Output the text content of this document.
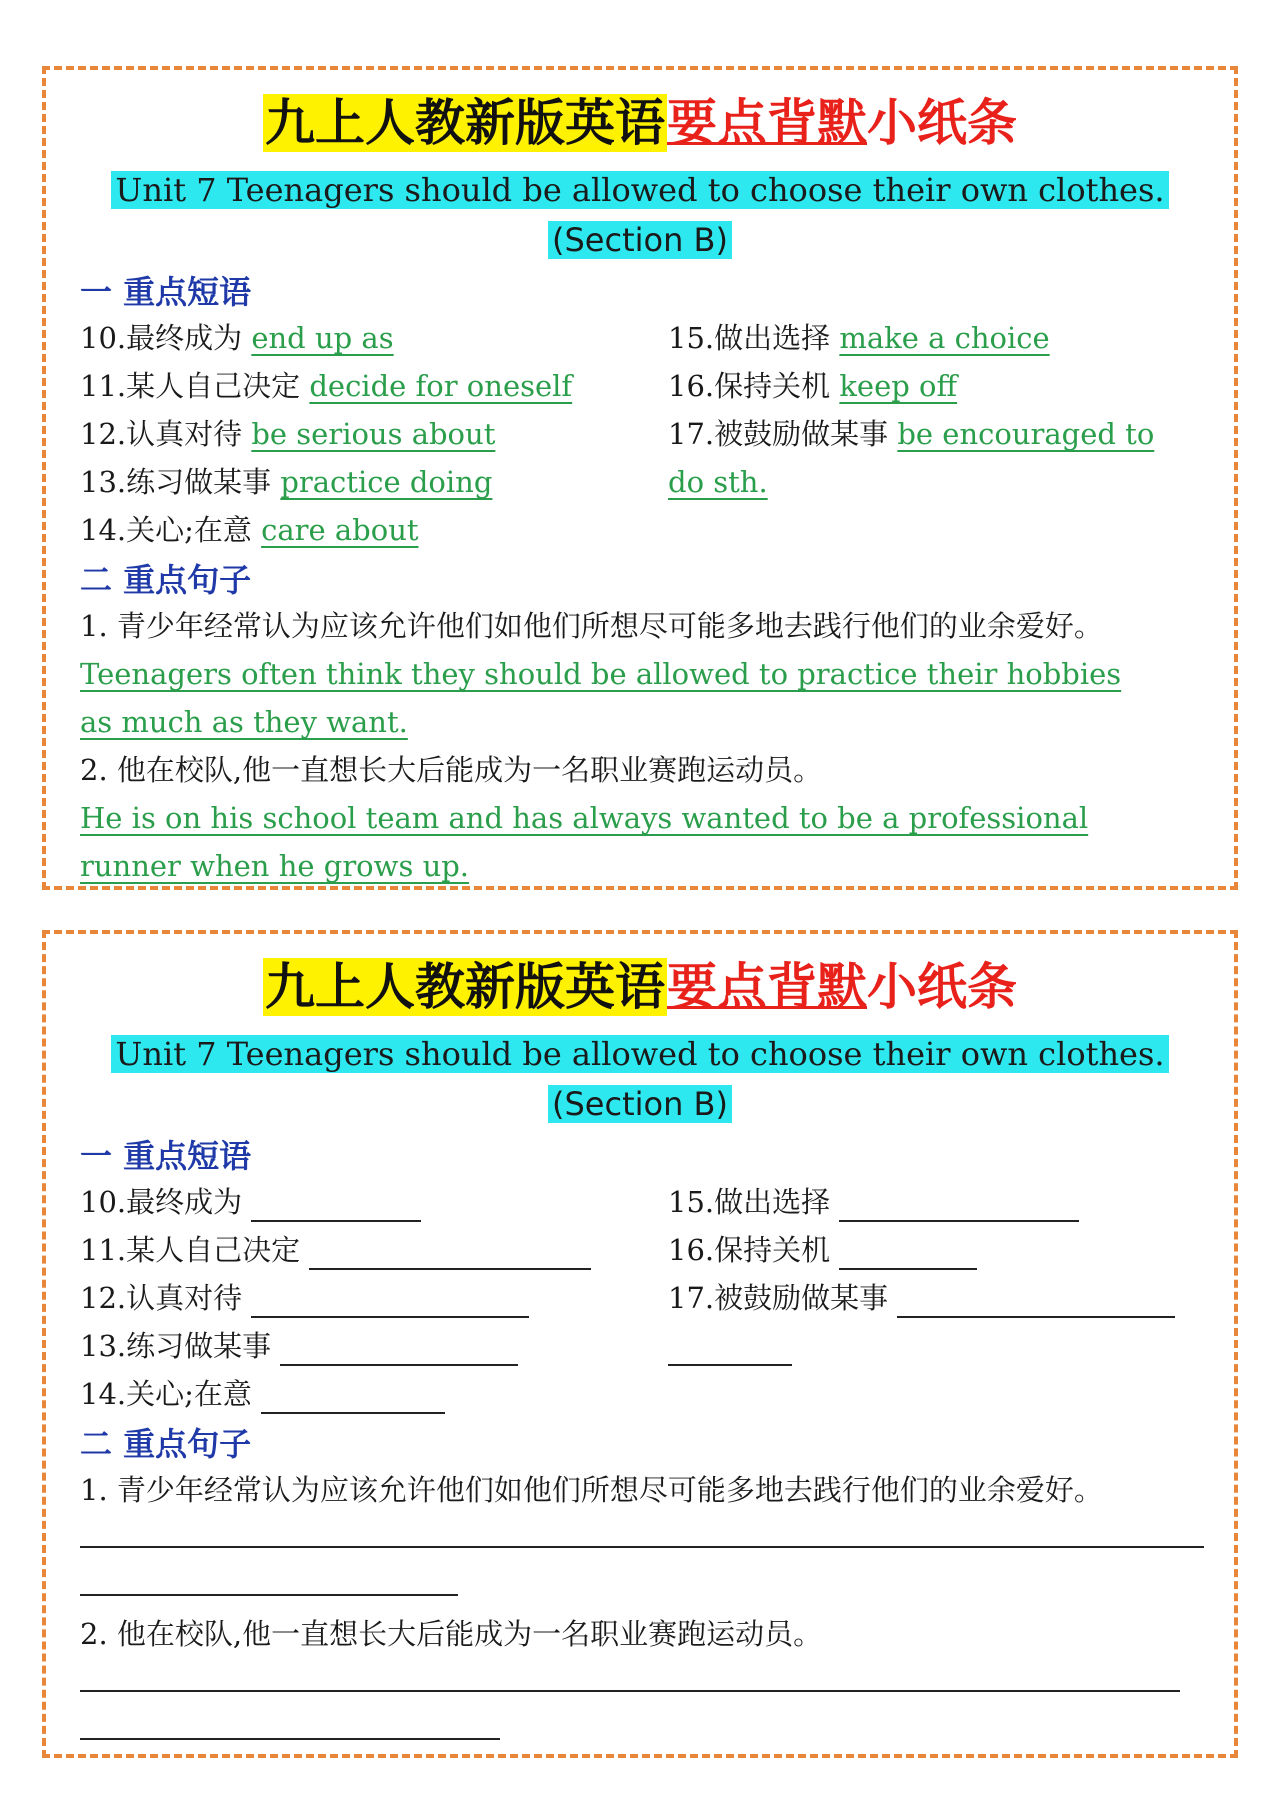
九上人教新版英语要点背默小纸条
Unit 7 Teenagers should be allowed to choose their own clothes.
(Section B)
一 重点短语
10.最终成为 end up as
11.某人自己决定 decide for oneself
12.认真对待 be serious about
13.练习做某事 practice doing
14.关心;在意 care about
15.做出选择 make a choice
16.保持关机 keep off
17.被鼓励做某事 be encouraged to
do sth.
二 重点句子
1. 青少年经常认为应该允许他们如他们所想尽可能多地去践行他们的业余爱好。
Teenagers often think they should be allowed to practice their hobbies
as much as they want.
2. 他在校队,他一直想长大后能成为一名职业赛跑运动员。
He is on his school team and has always wanted to be a professional
runner when he grows up.
九上人教新版英语要点背默小纸条
Unit 7 Teenagers should be allowed to choose their own clothes.
(Section B)
一 重点短语
10.最终成为
11.某人自己决定
12.认真对待
13.练习做某事
14.关心;在意
15.做出选择
16.保持关机
17.被鼓励做某事
二 重点句子
1. 青少年经常认为应该允许他们如他们所想尽可能多地去践行他们的业余爱好。
2. 他在校队,他一直想长大后能成为一名职业赛跑运动员。
